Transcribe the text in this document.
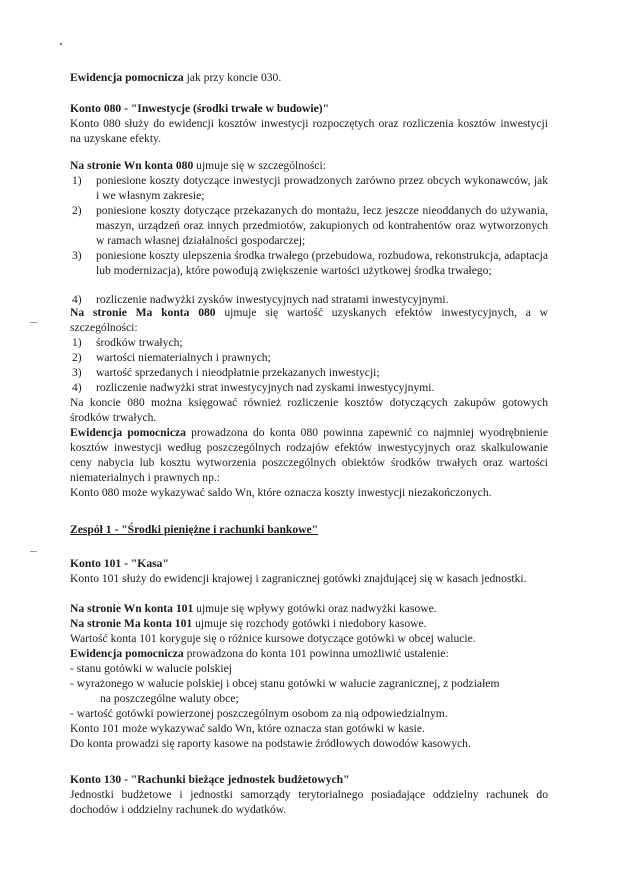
Ewidencja pomocnicza jak przy koncie 030.

Konto 080 - "Inwestycje (środki trwałe w budowie)"

Konto 080 służy do ewidencji kosztów inwestycji rozpoczętych oraz rozliczenia kosztów inwestycji na uzyskane efekty.

Na stronie Wn konta 080 ujmuje się w szczególności:

1) poniesione koszty dotyczące inwestycji prowadzonych zarówno przez obcych wykonawców, jak i we własnym zakresie;
2) poniesione koszty dotyczące przekazanych do montażu, lecz jeszcze nieoddanych do używania, maszyn, urządzeń oraz innych przedmiotów, zakupionych od kontrahentów oraz wytworzonych w ramach własnej działalności gospodarczej;
3) poniesione koszty ulepszenia środka trwałego (przebudowa, rozbudowa, rekonstrukcja, adaptacja lub modernizacja), które powodują zwiększenie wartości użytkowej środka trwałego;
4) rozliczenie nadwyżki zysków inwestycyjnych nad stratami inwestycyjnymi.

Na stronie Ma konta 080 ujmuje się wartość uzyskanych efektów inwestycyjnych, a w szczególności:

1) środków trwałych;
2) wartości niematerialnych i prawnych;
3) wartość sprzedanych i nieodpłatnie przekazanych inwestycji;
4) rozliczenie nadwyżki strat inwestycyjnych nad zyskami inwestycyjnymi.

Na koncie 080 można księgować również rozliczenie kosztów dotyczących zakupów gotowych środków trwałych.

Ewidencja pomocnicza prowadzona do konta 080 powinna zapewnić co najmniej wyodrębnienie kosztów inwestycji według poszczególnych rodzajów efektów inwestycyjnych oraz skalkulowanie ceny nabycia lub kosztu wytworzenia poszczególnych obiektów środków trwałych oraz wartości niematerialnych i prawnych np.:

Konto 080 może wykazywać saldo Wn, które oznacza koszty inwestycji niezakończonych.

Zespół 1 - "Środki pieniężne i rachunki bankowe"

Konto 101 - "Kasa"

Konto 101 służy do ewidencji krajowej i zagranicznej gotówki znajdującej się w kasach jednostki.

Na stronie Wn konta 101 ujmuje się wpływy gotówki oraz nadwyżki kasowe.

Na stronie Ma konta 101 ujmuje się rozchody gotówki i niedobory kasowe.

Wartość konta 101 koryguje się o różnice kursowe dotyczące gotówki w obcej walucie.

Ewidencja pomocnicza prowadzona do konta 101 powinna umożliwić ustalenie:

- stanu gotówki w walucie polskiej
- wyrażonego w walucie polskiej i obcej stanu gotówki w walucie zagranicznej, z podziałem
na poszczególne waluty obce;
- wartość gotówki powierzonej poszczególnym osobom za nią odpowiedzialnym.

Konto 101 może wykazywać saldo Wn, które oznacza stan gotówki w kasie.

Do konta prowadzi się raporty kasowe na podstawie źródłowych dowodów kasowych.

Konto 130 - "Rachunki bieżące jednostek budżetowych"

Jednostki budżetowe i jednostki samorządy terytorialnego posiadające oddzielny rachunek do dochodów i oddzielny rachunek do wydatków.
